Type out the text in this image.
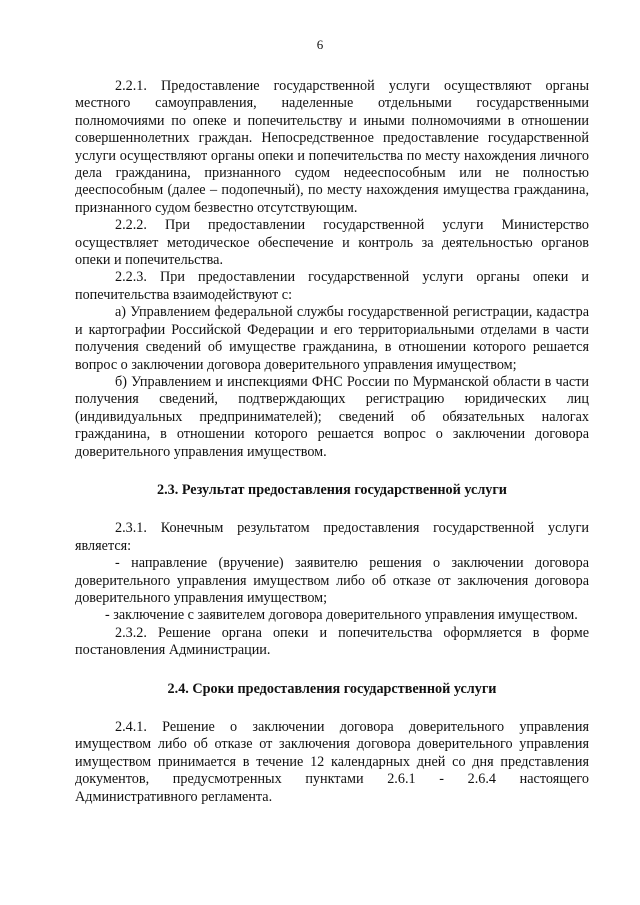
6

2.2.1. Предоставление государственной услуги осуществляют органы местного самоуправления, наделенные отдельными государственными полномочиями по опеке и попечительству и иными полномочиями в отношении совершеннолетних граждан. Непосредственное предоставление государственной услуги осуществляют органы опеки и попечительства по месту нахождения личного дела гражданина, признанного судом недееспособным или не полностью дееспособным (далее – подопечный), по месту нахождения имущества гражданина, признанного судом безвестно отсутствующим.

2.2.2. При предоставлении государственной услуги Министерство осуществляет методическое обеспечение и контроль за деятельностью органов опеки и попечительства.

2.2.3. При предоставлении государственной услуги органы опеки и попечительства взаимодействуют с:

а) Управлением федеральной службы государственной регистрации, кадастра и картографии Российской Федерации и его территориальными отделами в части получения сведений об имуществе гражданина, в отношении которого решается вопрос о заключении договора доверительного управления имуществом;

б) Управлением и инспекциями ФНС России по Мурманской области в части получения сведений, подтверждающих регистрацию юридических лиц (индивидуальных предпринимателей); сведений об обязательных налогах гражданина, в отношении которого решается вопрос о заключении договора доверительного управления имуществом.

2.3. Результат предоставления государственной услуги

2.3.1. Конечным результатом предоставления государственной услуги является:

- направление (вручение) заявителю решения о заключении договора доверительного управления имуществом либо об отказе от заключения договора доверительного управления имуществом;

- заключение с заявителем договора доверительного управления имуществом.

2.3.2. Решение органа опеки и попечительства оформляется в форме постановления Администрации.

2.4. Сроки предоставления государственной услуги

2.4.1. Решение о заключении договора доверительного управления имуществом либо об отказе от заключения договора доверительного управления имуществом принимается в течение 12 календарных дней со дня представления документов, предусмотренных пунктами 2.6.1 - 2.6.4 настоящего Административного регламента.
